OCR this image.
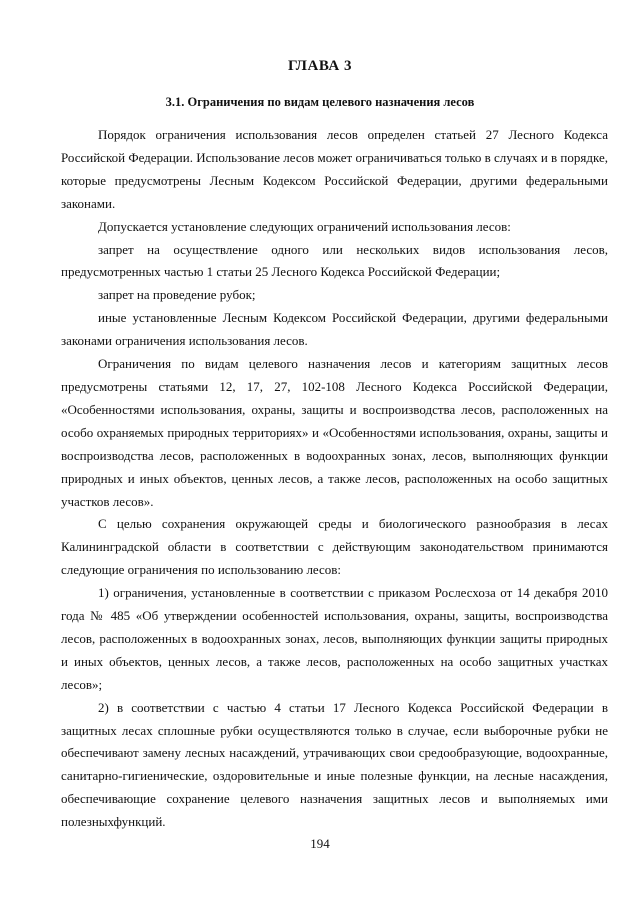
ГЛАВА 3
3.1. Ограничения по видам целевого назначения лесов

Порядок ограничения использования лесов определен статьей 27 Лесного Кодекса Российской Федерации. Использование лесов может ограничиваться только в случаях и в порядке, которые предусмотрены Лесным Кодексом Российской Федерации, другими федеральными законами.

Допускается установление следующих ограничений использования лесов:

запрет на осуществление одного или нескольких видов использования лесов, предусмотренных частью 1 статьи 25 Лесного Кодекса Российской Федерации;

запрет на проведение рубок;

иные установленные Лесным Кодексом Российской Федерации, другими федеральными законами ограничения использования лесов.

Ограничения по видам целевого назначения лесов и категориям защитных лесов предусмотрены статьями 12, 17, 27, 102-108 Лесного Кодекса Российской Федерации, «Особенностями использования, охраны, защиты и воспроизводства лесов, расположенных на особо охраняемых природных территориях» и «Особенностями использования, охраны, защиты и воспроизводства лесов, расположенных в водоохранных зонах, лесов, выполняющих функции природных и иных объектов, ценных лесов, а также лесов, расположенных на особо защитных участков лесов».

С целью сохранения окружающей среды и биологического разнообразия в лесах Калининградской области в соответствии с действующим законодательством принимаются следующие ограничения по использованию лесов:

1) ограничения, установленные в соответствии с приказом Рослесхоза от 14 декабря 2010 года № 485 «Об утверждении особенностей использования, охраны, защиты, воспроизводства лесов, расположенных в водоохранных зонах, лесов, выполняющих функции защиты природных и иных объектов, ценных лесов, а также лесов, расположенных на особо защитных участках лесов»;

2) в соответствии с частью 4 статьи 17 Лесного Кодекса Российской Федерации в защитных лесах сплошные рубки осуществляются только в случае, если выборочные рубки не обеспечивают замену лесных насаждений, утрачивающих свои средообразующие, водоохранные, санитарно-гигиенические, оздоровительные и иные полезные функции, на лесные насаждения, обеспечивающие сохранение целевого назначения защитных лесов и выполняемых ими полезныхфункций.

194
